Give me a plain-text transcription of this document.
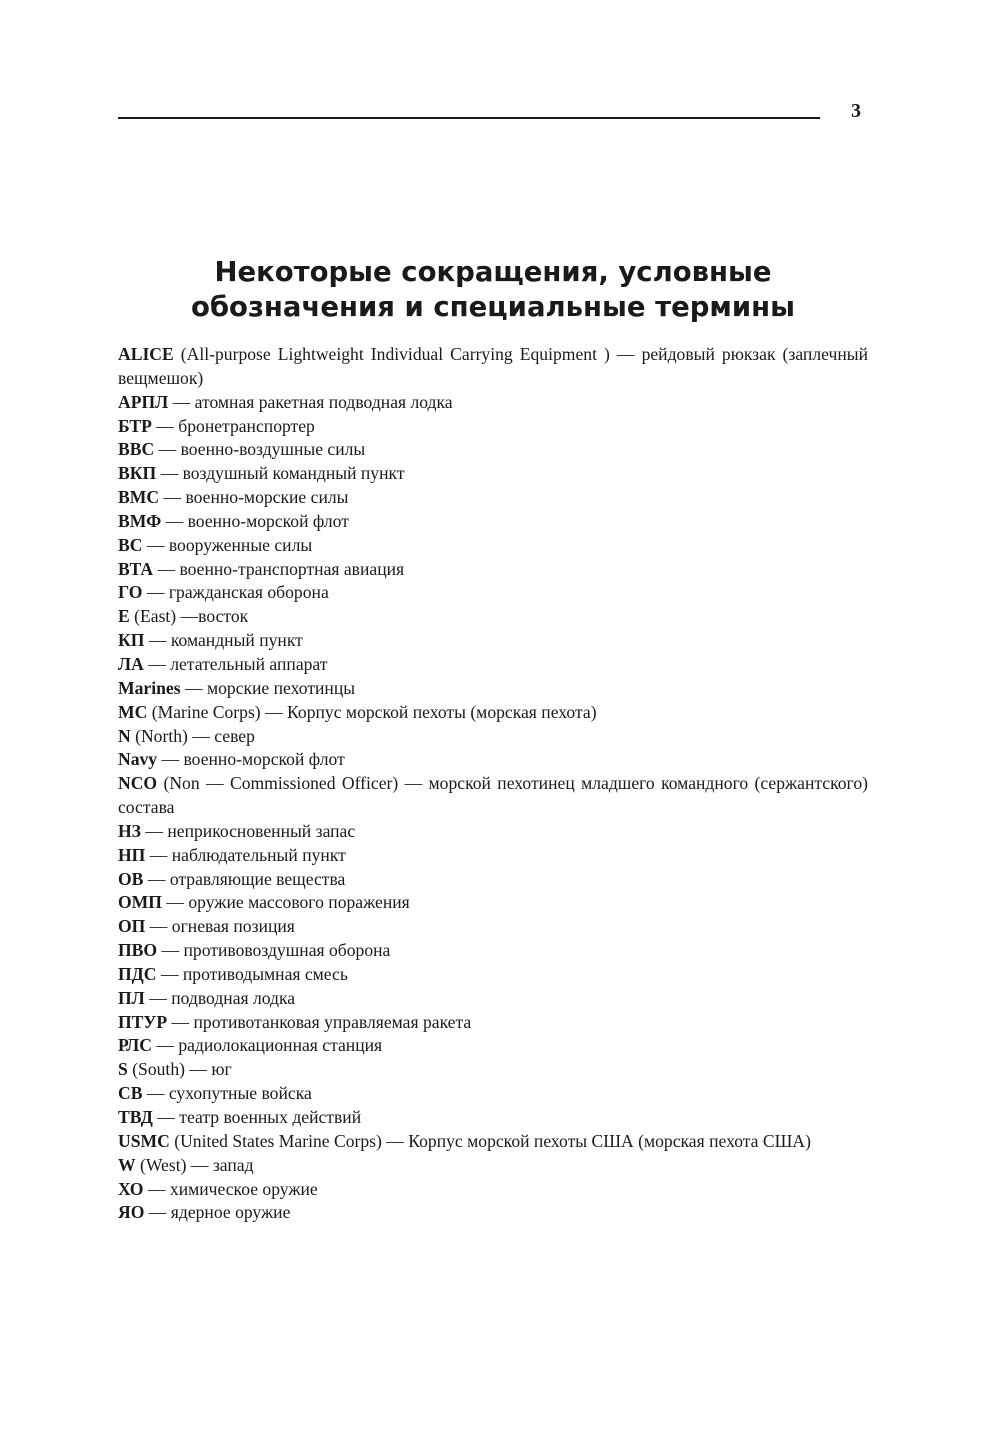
3
Некоторые сокращения, условные
обозначения и специальные термины
ALICE (All-purpose Lightweight Individual Carrying Equipment ) — рейдовый рюкзак (заплечный вещмешок)
АРПЛ — атомная ракетная подводная лодка
БТР — бронетранспортер
ВВС — военно-воздушные силы
ВКП — воздушный командный пункт
ВМС — военно-морские силы
ВМФ — военно-морской флот
ВС — вооруженные силы
ВТА — военно-транспортная авиация
ГО — гражданская оборона
E (East) —восток
КП — командный пункт
ЛА — летательный аппарат
Marines — морские пехотинцы
MC (Marine Corps) — Корпус морской пехоты (морская пехота)
N (North) — север
Navy — военно-морской флот
NCO (Non — Commissioned Officer) — морской пехотинец младшего командного (сержантского) состава
НЗ — неприкосновенный запас
НП — наблюдательный пункт
ОВ — отравляющие вещества
ОМП — оружие массового поражения
ОП — огневая позиция
ПВО — противовоздушная оборона
ПДС — противодымная смесь
ПЛ — подводная лодка
ПТУР — противотанковая управляемая ракета
РЛС — радиолокационная станция
S (South) — юг
СВ — сухопутные войска
ТВД — театр военных действий
USMC (United States Marine Corps) — Корпус морской пехоты США (морская пехота США)
W (West) — запад
ХО — химическое оружие
ЯО — ядерное оружие
